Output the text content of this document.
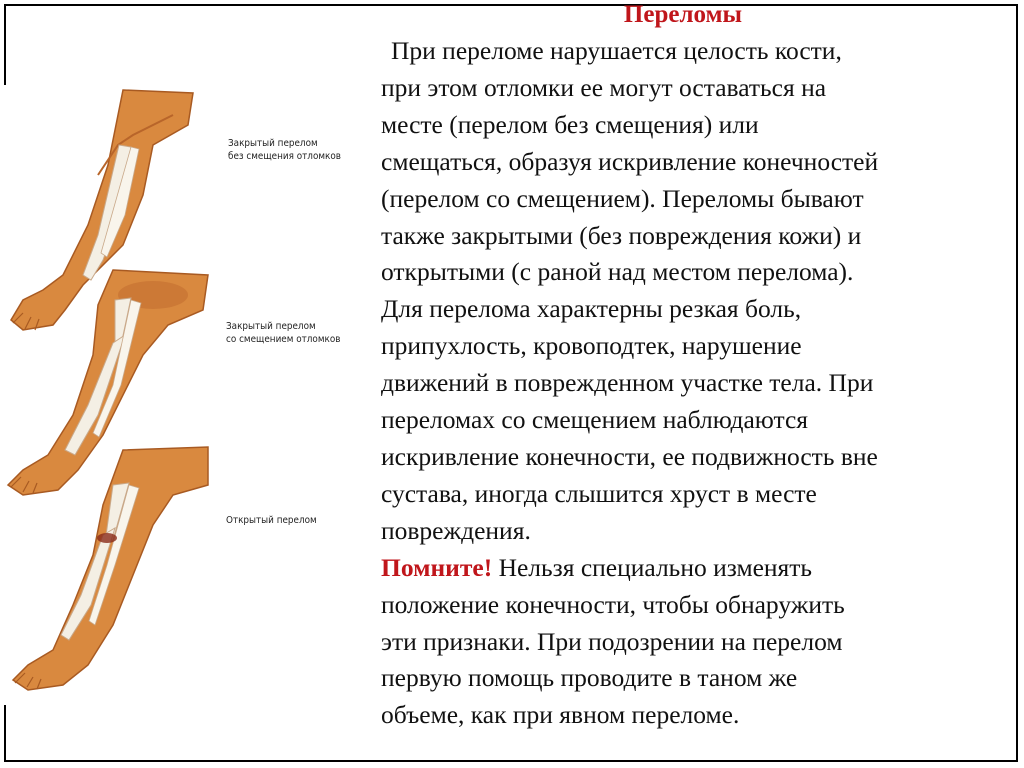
Переломы
Закрытый перелом
без смещения отломков
Закрытый перелом
со смещением отломков
Открытый перелом
При переломе нарушается целость кости,
при этом отломки ее могут оставаться на
месте (перелом без смещения) или
смещаться, образуя искривление конечностей
(перелом со смещением). Переломы бывают
также закрытыми (без повреждения кожи) и
открытыми (с раной над местом перелома).
Для перелома характерны резкая боль,
припухлость, кровоподтек, нарушение
движений в поврежденном участке тела. При
переломах со смещением наблюдаются
искривление конечности, ее подвижность вне
сустава, иногда слышится хруст в месте
повреждения.
Помните! Нельзя специально изменять
положение конечности, чтобы обнаружить
эти признаки. При подозрении на перелом
первую помощь проводите в таном же
объеме, как при явном переломе.
